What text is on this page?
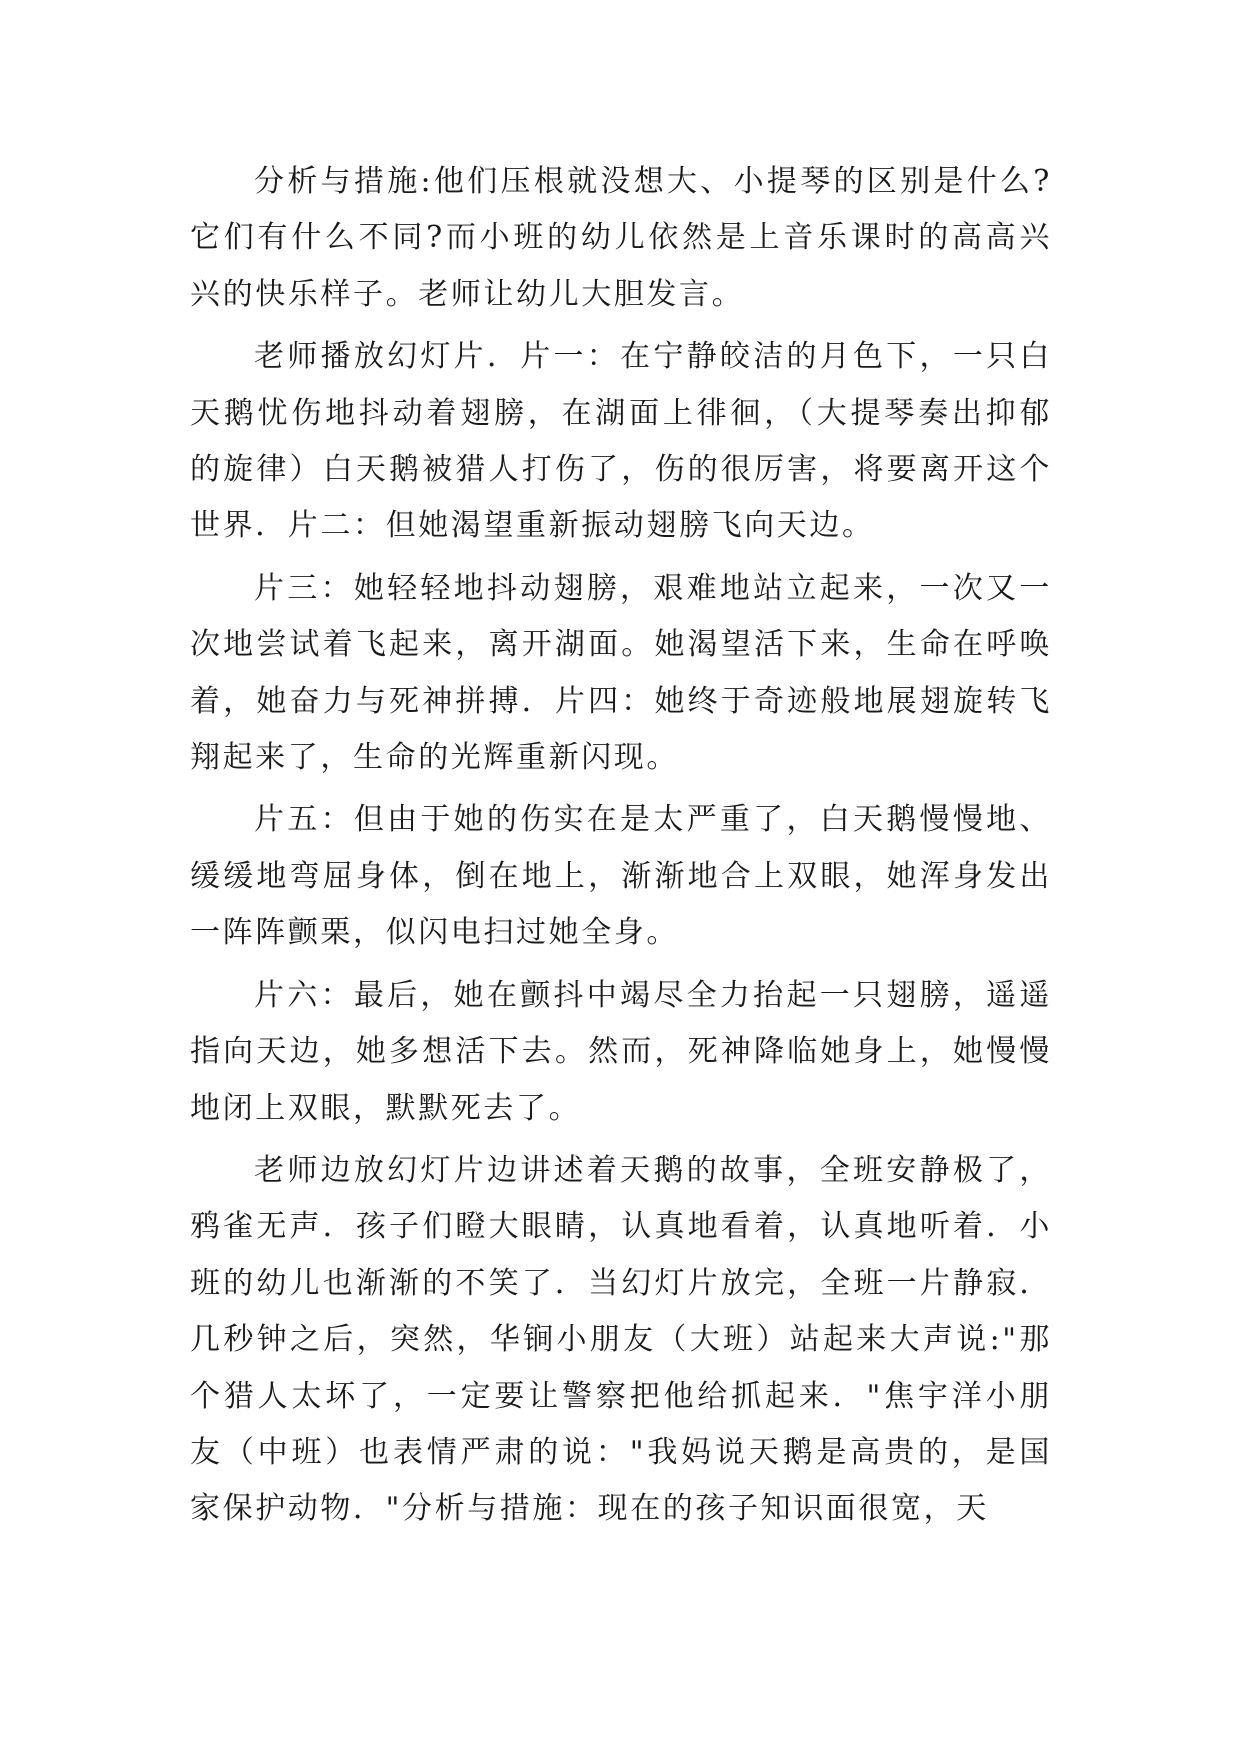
分析与措施:他们压根就没想大、小提琴的区别是什么?它们有什么不同?而小班的幼儿依然是上音乐课时的高高兴兴的快乐样子。老师让幼儿大胆发言。

老师播放幻灯片．片一：在宁静皎洁的月色下，一只白天鹅忧伤地抖动着翅膀，在湖面上徘徊，（大提琴奏出抑郁的旋律）白天鹅被猎人打伤了，伤的很厉害，将要离开这个世界．片二：但她渴望重新振动翅膀飞向天边。

片三：她轻轻地抖动翅膀，艰难地站立起来，一次又一次地尝试着飞起来，离开湖面。她渴望活下来，生命在呼唤着，她奋力与死神拼搏．片四：她终于奇迹般地展翅旋转飞翔起来了，生命的光辉重新闪现。

片五：但由于她的伤实在是太严重了，白天鹅慢慢地、缓缓地弯屈身体，倒在地上，渐渐地合上双眼，她浑身发出一阵阵颤栗，似闪电扫过她全身。

片六：最后，她在颤抖中竭尽全力抬起一只翅膀，遥遥指向天边，她多想活下去。然而，死神降临她身上，她慢慢地闭上双眼，默默死去了。

老师边放幻灯片边讲述着天鹅的故事，全班安静极了，鸦雀无声．孩子们瞪大眼睛，认真地看着，认真地听着．小班的幼儿也渐渐的不笑了．当幻灯片放完，全班一片静寂．几秒钟之后，突然，华锏小朋友（大班）站起来大声说:"那个猎人太坏了，一定要让警察把他给抓起来．"焦宇洋小朋友（中班）也表情严肃的说："我妈说天鹅是高贵的，是国家保护动物．"分析与措施：现在的孩子知识面很宽，天
